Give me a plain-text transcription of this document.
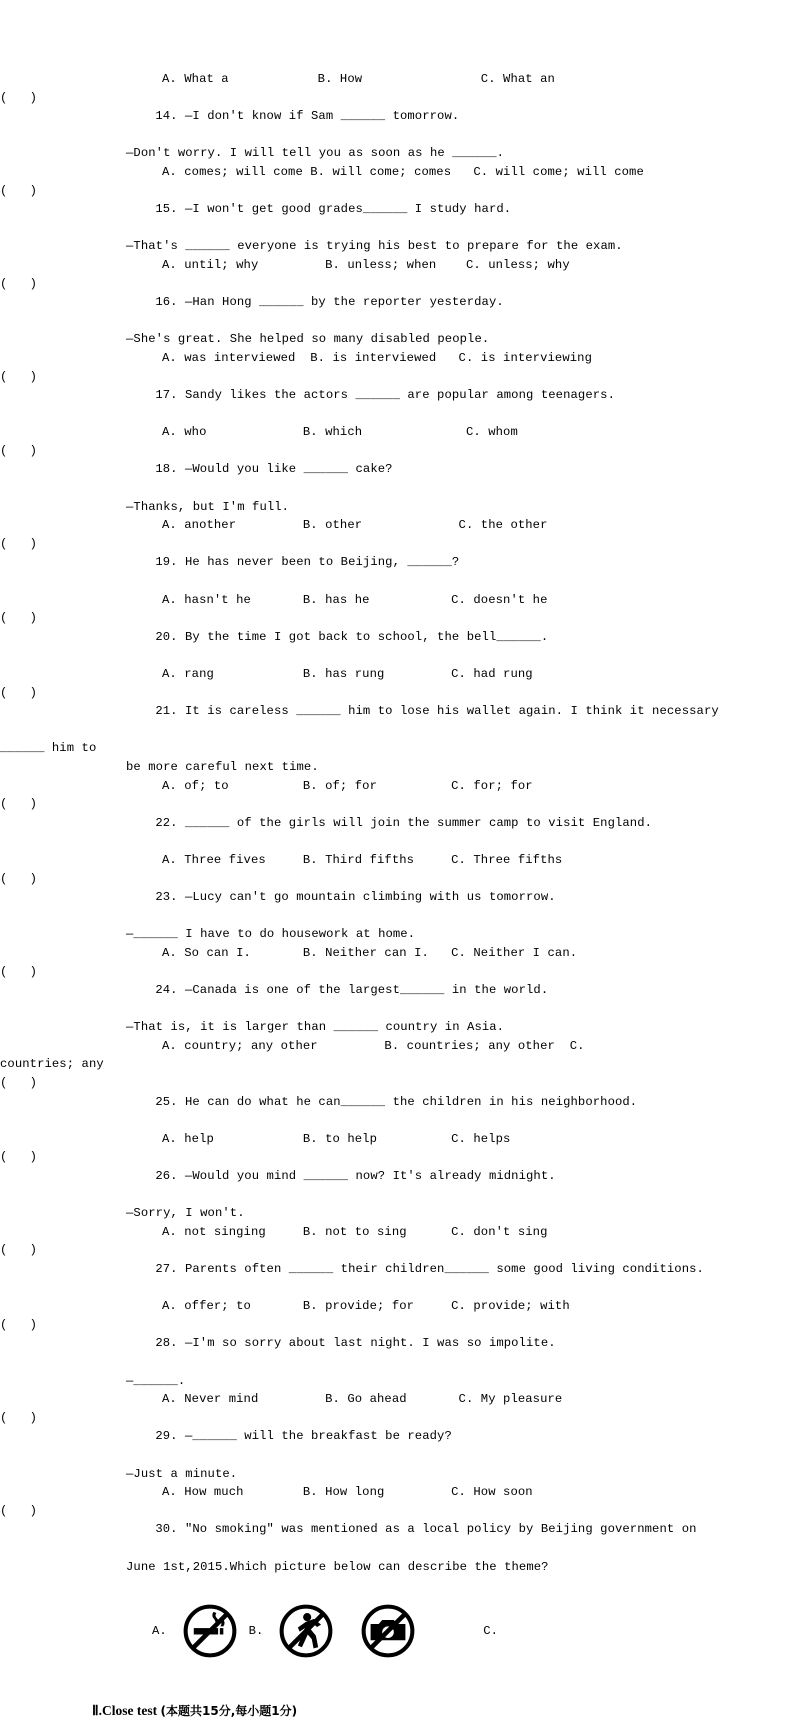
A. What a            B. How                C. What an

(   )
14. —I don't know if Sam ______ tomorrow.

—Don't worry. I will tell you as soon as he ______.
A. comes; will come B. will come; comes   C. will come; will come

(   )
15. —I won't get good grades______ I study hard.

—That's ______ everyone is trying his best to prepare for the exam.
A. until; why         B. unless; when    C. unless; why

(   )
16. —Han Hong ______ by the reporter yesterday.

—She's great. She helped so many disabled people.
A. was interviewed  B. is interviewed   C. is interviewing

(   )
17. Sandy likes the actors ______ are popular among teenagers.

A. who             B. which              C. whom

(   )
18. —Would you like ______ cake?

—Thanks, but I'm full.
A. another         B. other             C. the other

(   )
19. He has never been to Beijing, ______?

A. hasn't he       B. has he           C. doesn't he

(   )
20. By the time I got back to school, the bell______.

A. rang            B. has rung         C. had rung

(   )
21. It is careless ______ him to lose his wallet again. I think it necessary

______ him to
be more careful next time.
A. of; to          B. of; for          C. for; for

(   )
22. ______ of the girls will join the summer camp to visit England.

A. Three fives     B. Third fifths     C. Three fifths

(   )
23. —Lucy can't go mountain climbing with us tomorrow.

—______ I have to do housework at home.
A. So can I.       B. Neither can I.   C. Neither I can.

(   )
24. —Canada is one of the largest______ in the world.

—That is, it is larger than ______ country in Asia.
A. country; any other         B. countries; any other  C.
countries; any

(   )
25. He can do what he can______ the children in his neighborhood.

A. help            B. to help          C. helps

(   )
26. —Would you mind ______ now? It's already midnight.

—Sorry, I won't.
A. not singing     B. not to sing      C. don't sing

(   )
27. Parents often ______ their children______ some good living conditions.

A. offer; to       B. provide; for     C. provide; with

(   )
28. —I'm so sorry about last night. I was so impolite.

—______.
A. Never mind         B. Go ahead       C. My pleasure

(   )
29. —______ will the breakfast be ready?

—Just a minute.
A. How much        B. How long         C. How soon

(   )
30. ″No smoking″ was mentioned as a local policy by Beijing government on

June 1st,2015.Which picture below can describe the theme?
A.	B.	C.
Ⅱ.Close test (本题共15分,每小题1分)
